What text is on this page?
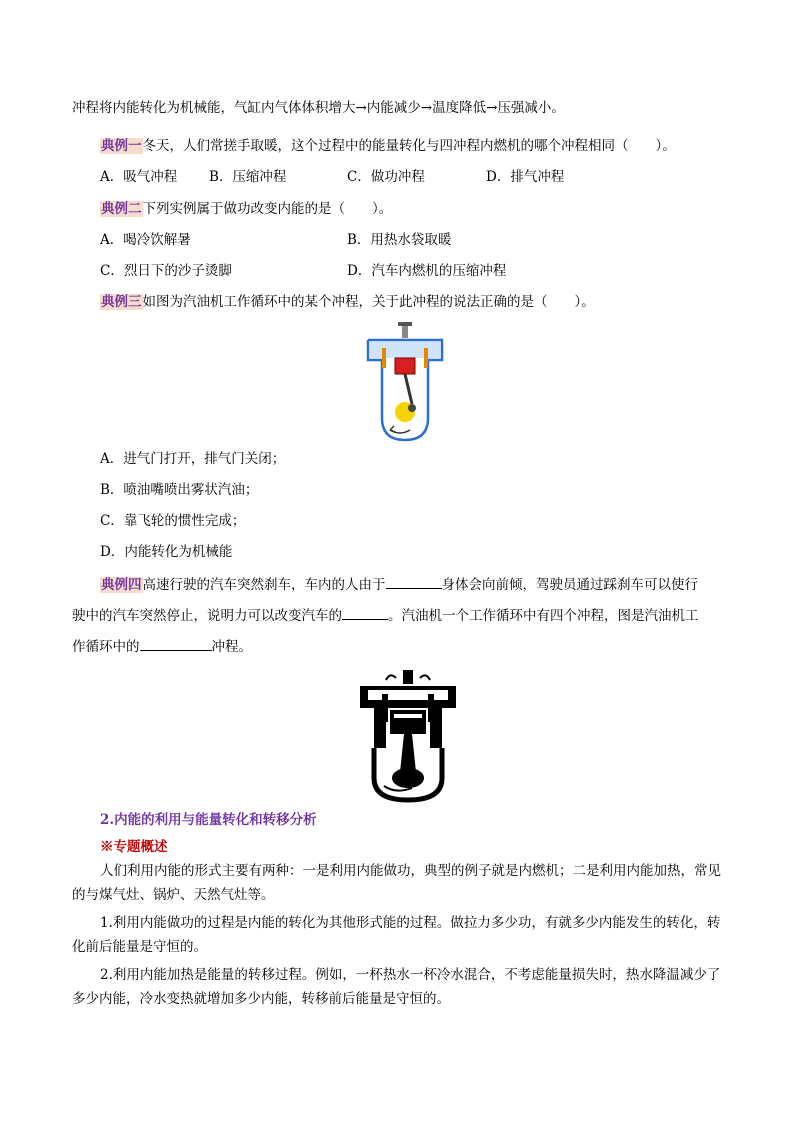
冲程将内能转化为机械能，气缸内气体体积增大→内能减少→温度降低→压强减小。
典例一冬天，人们常搓手取暖，这个过程中的能量转化与四冲程内燃机的哪个冲程相同（　　）。
A．吸气冲程 B．压缩冲程	C．做功冲程	D．排气冲程
典例二下列实例属于做功改变内能的是（　　）。
A．喝冷饮解暑	B．用热水袋取暖
C．烈日下的沙子烫脚	D．汽车内燃机的压缩冲程
典例三如图为汽油机工作循环中的某个冲程，关于此冲程的说法正确的是（　　）。
A．进气门打开，排气门关闭；
B．喷油嘴喷出雾状汽油；
C．靠飞轮的惯性完成；
D．内能转化为机械能
典例四高速行驶的汽车突然刹车，车内的人由于	身体会向前倾，驾驶员通过踩刹车可以使行
驶中的汽车突然停止，说明力可以改变汽车的	。汽油机一个工作循环中有四个冲程，图是汽油机工
作循环中的	冲程。
2.内能的利用与能量转化和转移分析
※专题概述
人们利用内能的形式主要有两种：一是利用内能做功，典型的例子就是内燃机；二是利用内能加热，常见的与煤气灶、锅炉、天然气灶等。
1.利用内能做功的过程是内能的转化为其他形式能的过程。做拉力多少功，有就多少内能发生的转化，转化前后能量是守恒的。
2.利用内能加热是能量的转移过程。例如，一杯热水一杯冷水混合，不考虑能量损失时，热水降温减少了多少内能，冷水变热就增加多少内能，转移前后能量是守恒的。
